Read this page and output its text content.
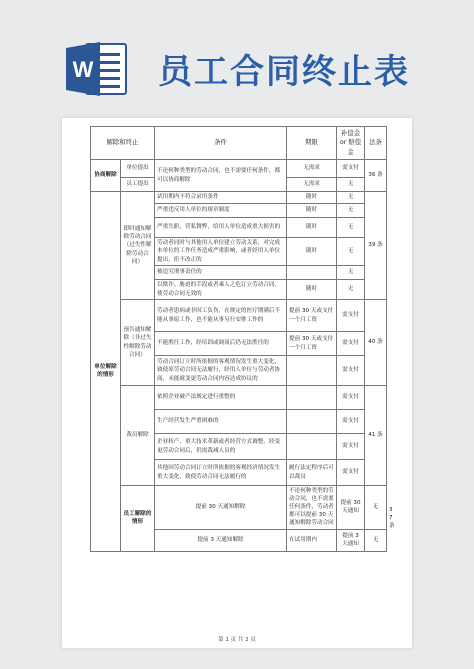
W 员工合同终止表
解除和终止		条件	期限	补偿金 or 赔偿金	法条	
协商解除	单位提出	不论何种类型的劳动合同，也不需要任何条件，都可以协商解除	无需求	需支付	36 条	
	员工提出		无需求	无		
单位解除的情形	即时通知解除劳动合同（过失性解除劳动合同）	试用期内不符合录用条件	随时	无	39 条	
		严重违反用人单位的规章制度	随时	无		
		严重失职，营私舞弊，给用人单位造成重大损害的	随时	无		
		劳动者同时与其他用人单位建立劳动关系，对完成本单位的工作任务造成严重影响，或者经用人单位提出，拒不改正的	随时	无		
		被追究刑事责任的		无		
		以欺诈、胁迫的手段或者乘人之危订立劳动合同，使劳动合同无效的	随时	无		
	预告通知解除（非过失性解除劳动合同）	劳动者患病或非因工负伤，在规定的医疗期满后不能从事原工作，也不能从事另行安排工作的	提前 30 天或支付一个月工资	需支付	40 条	
		不能胜任工作，经培训或调岗后仍无法胜任的	提前 30 天或支付一个月工资	需支付		
		劳动合同订立时所依据的客观情况发生重大变化，致使原劳动合同无法履行，经用人单位与劳动者协商，未能就变更劳动合同内容达成协议的		需支付		
	裁员解除	依照企业破产法规定进行重整的		需支付	41 条	
		生产经营发生严重困难的		需支付		
		企业转产、重大技术革新或者经营方式调整，经变更劳动合同后，仍需裁减人员的		需支付		
		其他因劳动合同订立时所依据的客观经济情况发生重大变化，致使劳动合同无法履行的	履行法定程序后可以裁员	需支付		
	员工解除的情形	提前 30 天通知解除	不论何种类型的劳动合同，也不需要任何条件，劳动者都可以提前 30 天通知解除劳动合同	提前 30 天通知	无	37 条
		提前 3 天通知解除	在试用期内	提前 3 天通知	无	
第 1 页 共 2 页
